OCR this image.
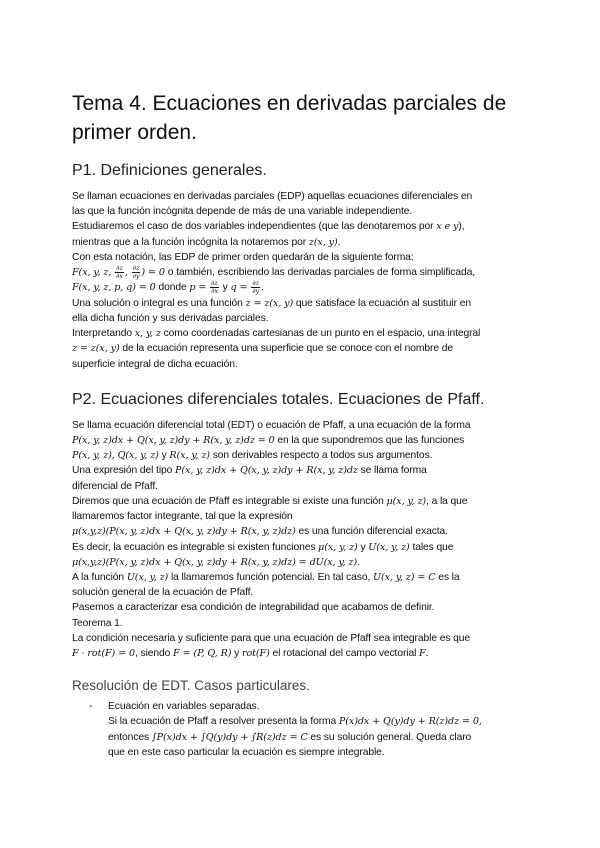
Tema 4. Ecuaciones en derivadas parciales de primer orden.
P1. Definiciones generales.

Se llaman ecuaciones en derivadas parciales (EDP) aquellas ecuaciones diferenciales en
las que la función incógnita depende de más de una variable independiente.
Estudiaremos el caso de dos variables independientes (que las denotaremos por x e y),
mientras que a la función incógnita la notaremos por z(x, y).
Con esta notación, las EDP de primer orden quedarán de la siguiente forma:
F(x, y, z, $\frac{\partial z}{\partial x}$ , $\frac{\partial z}{\partial y}$ ) = 0 o también, escribiendo las derivadas parciales de forma simplificada,
F(x, y, z, p, q) = 0 donde $p = \frac{\partial z}{\partial x}$ y $q = \frac{\partial z}{\partial y}$ .
Una solución o integral es una función z = z(x, y) que satisface la ecuación al sustituir en
ella dicha función y sus derivadas parciales.
Interpretando x, y, z como coordenadas cartesianas de un punto en el espacio, una integral
z = z(x, y) de la ecuación representa una superficie que se conoce con el nombre de
superficie integral de dicha ecuación.

P2. Ecuaciones diferenciales totales. Ecuaciones de Pfaff.

Se llama ecuación diferencial total (EDT) o ecuación de Pfaff, a una ecuación de la forma
P(x, y, z)dx + Q(x, y, z)dy + R(x, y, z)dz = 0 en la que supondremos que las funciones
P(x, y, z), Q(x, y, z) y R(x, y, z) son derivables respecto a todos sus argumentos.
Una expresión del tipo P(x, y, z)dx + Q(x, y, z)dy + R(x, y, z)dz se llama forma
diferencial de Pfaff.
Diremos que una ecuación de Pfaff es integrable si existe una función μ(x, y, z), a la que
llamaremos factor integrante, tal que la expresión
μ(x,y,z)(P(x, y, z)dx + Q(x, y, z)dy + R(x, y, z)dz) es una función diferencial exacta.
Es decir, la ecuación es integrable si existen funciones μ(x, y, z) y U(x, y, z) tales que
μ(x,y,z)(P(x, y, z)dx + Q(x, y, z)dy + R(x, y, z)dz) = dU(x, y, z).
A la función U(x, y, z) la llamaremos función potencial. En tal caso, U(x, y, z) = C es la
solución general de la ecuación de Pfaff.
Pasemos a caracterizar esa condición de integrabilidad que acabamos de definir.
Teorema 1.
La condición necesaria y suficiente para que una ecuación de Pfaff sea integrable es que
F · rot(F) = 0, siendo F = (P, Q, R) y rot(F) el rotacional del campo vectorial F.

Resolución de EDT. Casos particulares.
- Ecuación en variables separadas.
Si la ecuación de Pfaff a resolver presenta la forma P(x)dx + Q(y)dy + R(z)dz = 0,
entonces ∫P(x)dx + ∫Q(y)dy + ∫R(z)dz = C es su solución general. Queda claro
que en este caso particular la ecuación es siempre integrable.
